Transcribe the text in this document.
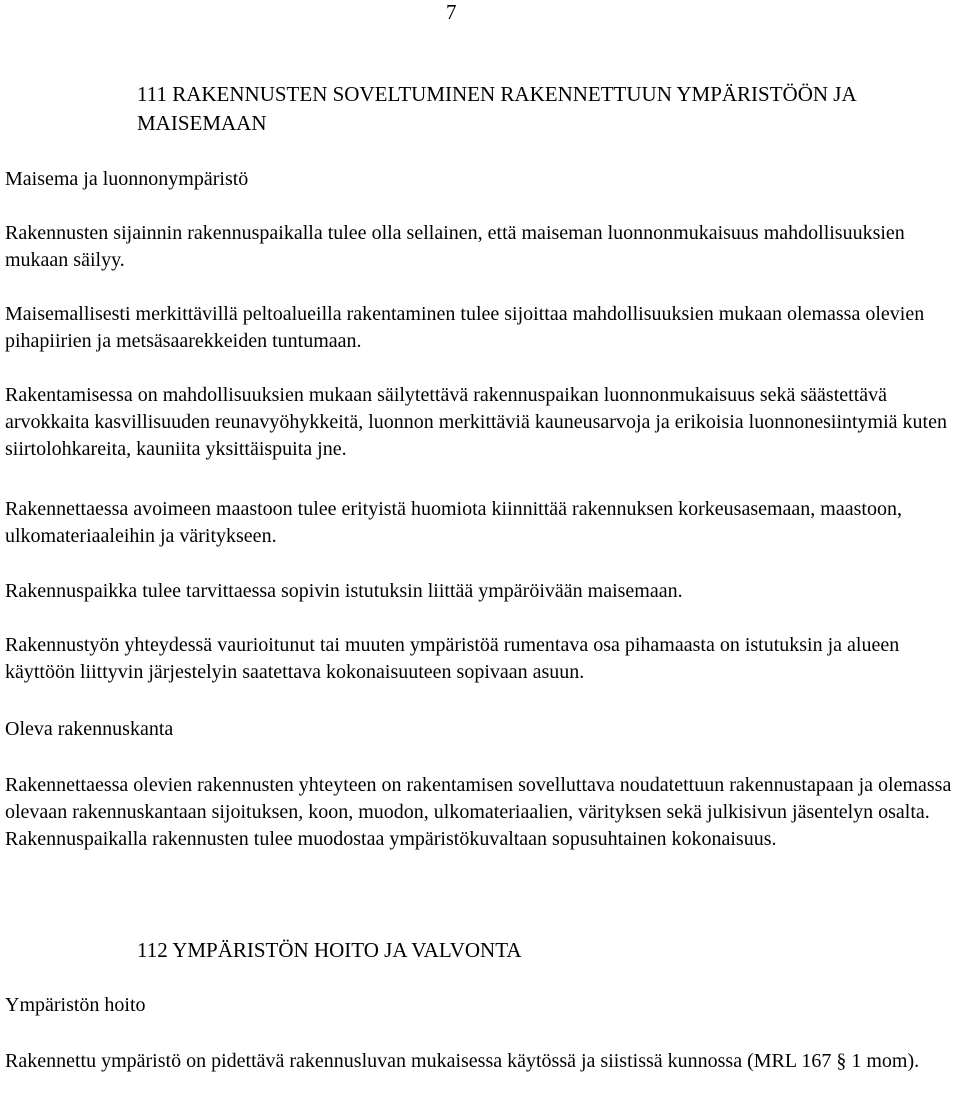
7
111 RAKENNUSTEN SOVELTUMINEN RAKENNETTUUN YMPÄRISTÖÖN JA MAISEMAAN
Maisema ja luonnonympäristö

Rakennusten sijainnin rakennuspaikalla tulee olla sellainen, että maiseman luonnonmukaisuus mahdollisuuksien mukaan säilyy.

Maisemallisesti merkittävillä peltoalueilla rakentaminen tulee sijoittaa mahdollisuuksien mukaan olemassa olevien pihapiirien ja metsäsaarekkeiden tuntumaan.

Rakentamisessa on mahdollisuuksien mukaan säilytettävä rakennuspaikan luonnonmukaisuus sekä säästettävä arvokkaita kasvillisuuden reunavyöhykkeitä, luonnon merkittäviä kauneusarvoja ja erikoisia luonnonesiintymiä kuten siirtolohkareita, kauniita yksittäispuita jne.

Rakennettaessa avoimeen maastoon tulee erityistä huomiota kiinnittää rakennuksen korkeusasemaan, maastoon, ulkomateriaaleihin ja väritykseen.

Rakennuspaikka tulee tarvittaessa sopivin istutuksin liittää ympäröivään maisemaan.

Rakennustyön yhteydessä vaurioitunut tai muuten ympäristöä rumentava osa pihamaasta on istutuksin ja alueen käyttöön liittyvin järjestelyin saatettava kokonaisuuteen sopivaan asuun.

Oleva rakennuskanta

Rakennettaessa olevien rakennusten yhteyteen on rakentamisen sovelluttava noudatettuun rakennustapaan ja olemassa olevaan rakennuskantaan sijoituksen, koon, muodon, ulkomateriaalien, värityksen sekä julkisivun jäsentelyn osalta. Rakennuspaikalla rakennusten tulee muodostaa ympäristökuvaltaan sopusuhtainen kokonaisuus.

112 YMPÄRISTÖN HOITO JA VALVONTA
Ympäristön hoito

Rakennettu ympäristö on pidettävä rakennusluvan mukaisessa käytössä ja siistissä kunnossa (MRL 167 § 1 mom).
